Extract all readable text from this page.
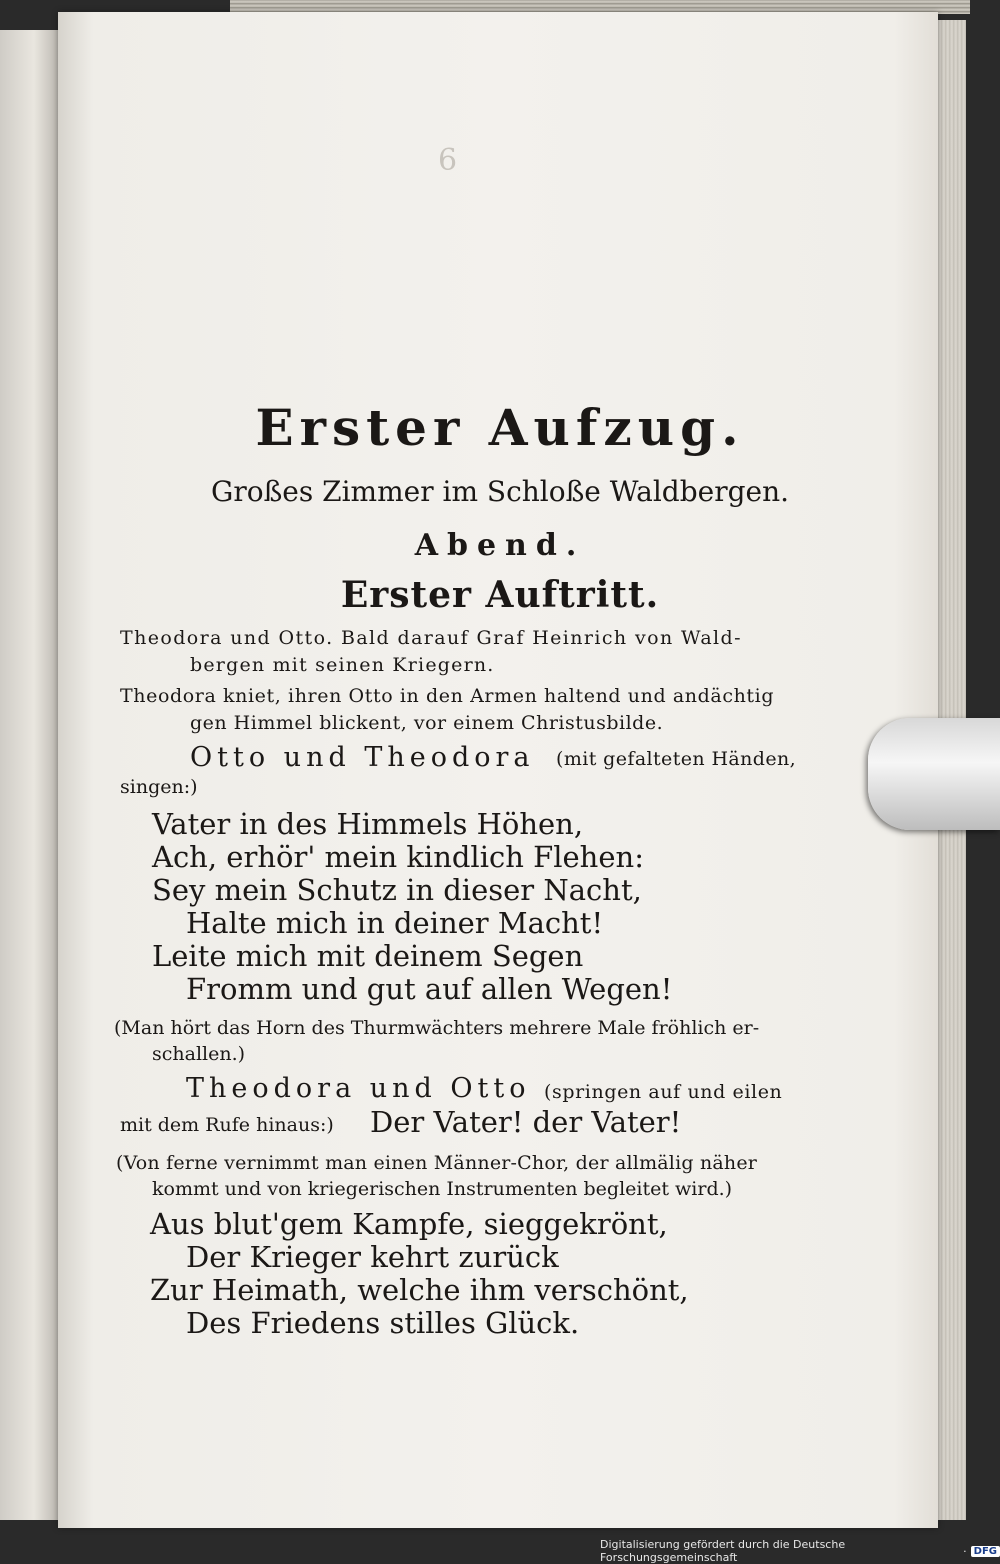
6
Erster Aufzug.
Großes Zimmer im Schloße Waldbergen.
Abend.
Erster Auftritt.
Theodora und Otto. Bald darauf Graf Heinrich von Wald-
bergen mit seinen Kriegern.
Theodora kniet, ihren Otto in den Armen haltend und andächtig
gen Himmel blickent, vor einem Christusbilde.
Otto und Theodora (mit gefalteten Händen,
singen:)
Vater in des Himmels Höhen,
Ach, erhör' mein kindlich Flehen:
Sey mein Schutz in dieser Nacht,
Halte mich in deiner Macht!
Leite mich mit deinem Segen
Fromm und gut auf allen Wegen!
(Man hört das Horn des Thurmwächters mehrere Male fröhlich er-
schallen.)
Theodora und Otto (springen auf und eilen
mit dem Rufe hinaus:) Der Vater! der Vater!
(Von ferne vernimmt man einen Männer-Chor, der allmälig näher
kommt und von kriegerischen Instrumenten begleitet wird.)
Aus blut'gem Kampfe, sieggekrönt,
Der Krieger kehrt zurück
Zur Heimath, welche ihm verschönt,
Des Friedens stilles Glück.
Digitalisierung gefördert durch die Deutsche Forschungsgemeinschaft	· DFG
